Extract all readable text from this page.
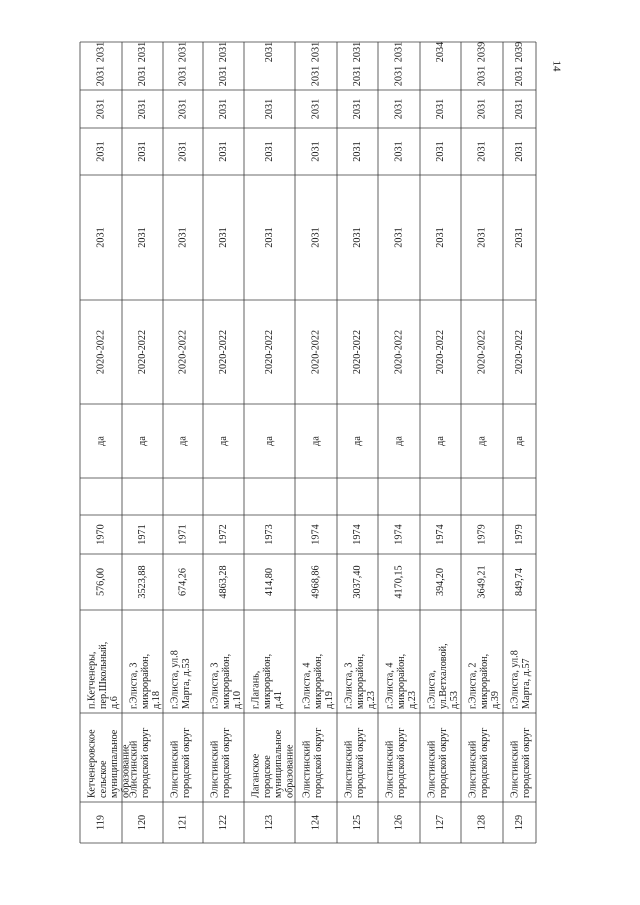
14
119
Кетченеровское сельское муниципальное образование
п.Кетченеры, пер.Школьный, д.6
576,00
1970
да
2020-2022
2031
2031
2031
2031
2031
120
Элистинский городской округ
г.Элиста, 3 микрорайон, д.18
3523,88
1971
да
2020-2022
2031
2031
2031
2031
2031
121
Элистинский городской округ
г.Элиста, ул.8 Марта, д.53
674,26
1971
да
2020-2022
2031
2031
2031
2031
2031
122
Элистинский городской округ
г.Элиста, 3 микрорайон, д.10
4863,28
1972
да
2020-2022
2031
2031
2031
2031
2031
123
Лаганское городское муниципальное образование
г.Лагань, микрорайон, д.41
414,80
1973
да
2020-2022
2031
2031
2031
2031
124
Элистинский городской округ
г.Элиста, 4 микрорайон, д.19
4968,86
1974
да
2020-2022
2031
2031
2031
2031
2031
125
Элистинский городской округ
г.Элиста, 3 микрорайон, д.23
3037,40
1974
да
2020-2022
2031
2031
2031
2031
2031
126
Элистинский городской округ
г.Элиста, 4 микрорайон, д.23
4170,15
1974
да
2020-2022
2031
2031
2031
2031
2031
127
Элистинский городской округ
г.Элиста, ул.Ветхаловой, д.53
394,20
1974
да
2020-2022
2031
2031
2031
2034
128
Элистинский городской округ
г.Элиста, 2 микрорайон, д.39
3649,21
1979
да
2020-2022
2031
2031
2031
2031
2039
129
Элистинский городской округ
г.Элиста, ул.8 Марта, д.57
849,74
1979
да
2020-2022
2031
2031
2031
2031
2039
